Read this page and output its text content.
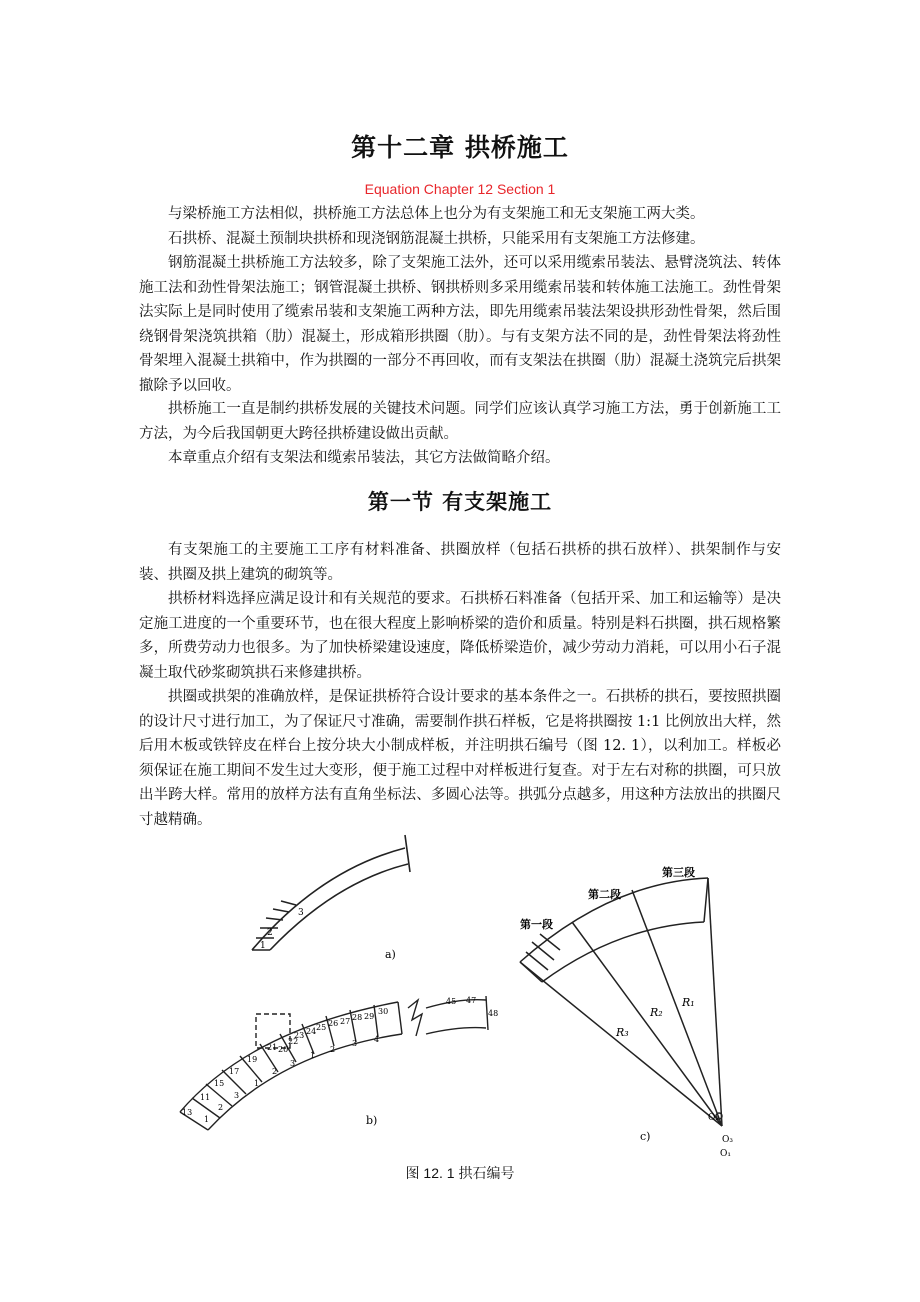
第十二章 拱桥施工
Equation Chapter 12 Section 1

与梁桥施工方法相似，拱桥施工方法总体上也分为有支架施工和无支架施工两大类。

石拱桥、混凝土预制块拱桥和现浇钢筋混凝土拱桥，只能采用有支架施工方法修建。

钢筋混凝土拱桥施工方法较多，除了支架施工法外，还可以采用缆索吊装法、悬臂浇筑法、转体施工法和劲性骨架法施工；钢管混凝土拱桥、钢拱桥则多采用缆索吊装和转体施工法施工。劲性骨架法实际上是同时使用了缆索吊装和支架施工两种方法，即先用缆索吊装法架设拱形劲性骨架，然后围绕钢骨架浇筑拱箱（肋）混凝土，形成箱形拱圈（肋）。与有支架方法不同的是，劲性骨架法将劲性骨架埋入混凝土拱箱中，作为拱圈的一部分不再回收，而有支架法在拱圈（肋）混凝土浇筑完后拱架撤除予以回收。

拱桥施工一直是制约拱桥发展的关键技术问题。同学们应该认真学习施工方法，勇于创新施工工方法，为今后我国朝更大跨径拱桥建设做出贡献。

本章重点介绍有支架法和缆索吊装法，其它方法做简略介绍。

第一节 有支架施工

有支架施工的主要施工工序有材料准备、拱圈放样（包括石拱桥的拱石放样）、拱架制作与安装、拱圈及拱上建筑的砌筑等。

拱桥材料选择应满足设计和有关规范的要求。石拱桥石料准备（包括开采、加工和运输等）是决定施工进度的一个重要环节，也在很大程度上影响桥梁的造价和质量。特别是料石拱圈，拱石规格繁多，所费劳动力也很多。为了加快桥梁建设速度，降低桥梁造价，减少劳动力消耗，可以用小石子混凝土取代砂浆砌筑拱石来修建拱桥。

拱圈或拱架的准确放样，是保证拱桥符合设计要求的基本条件之一。石拱桥的拱石，要按照拱圈的设计尺寸进行加工，为了保证尺寸准确，需要制作拱石样板，它是将拱圈按 1:1 比例放出大样，然后用木板或铁锌皮在样台上按分块大小制成样板，并注明拱石编号（图 12. 1），以利加工。样板必须保证在施工期间不发生过大变形，便于施工过程中对样板进行复查。对于左右对称的拱圈，可只放出半跨大样。常用的放样方法有直角坐标法、多圆心法等。拱弧分点越多，用这种方法放出的拱圈尺寸越精确。

1
2
3
a)
13
11
15
17
19
21
23
25
27
29
1
2
3
1
2
3
1
2
3 4
20
22
24
26
28
30
45 47
48
b)
第一段
第二段
第三段
R₁
R₂
R₃
O₂
O₃
O₁
c)
图 12. 1 拱石编号
